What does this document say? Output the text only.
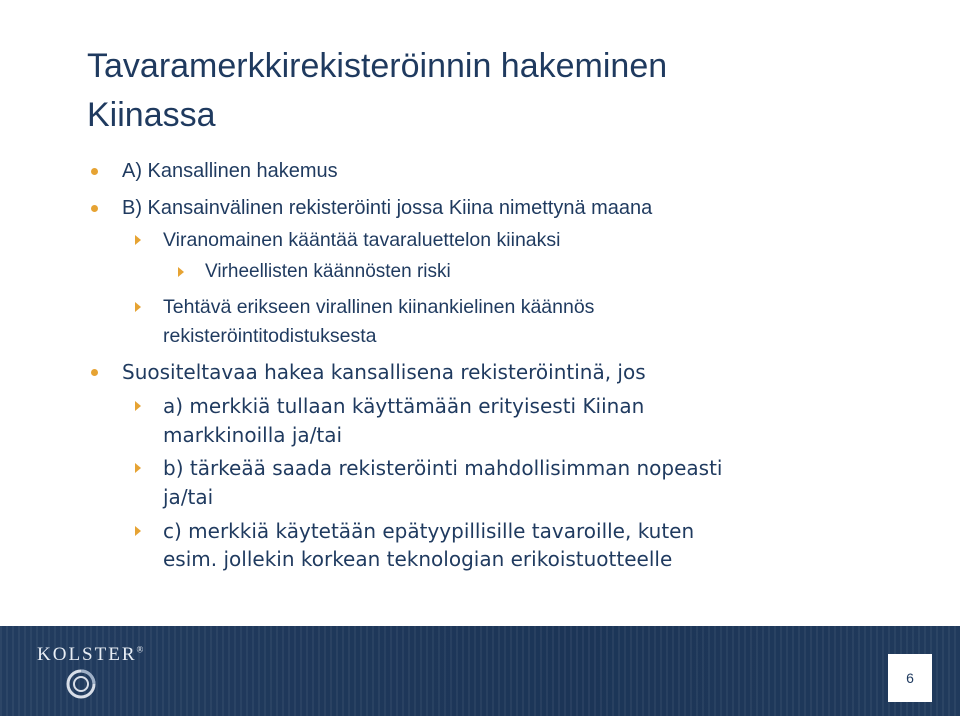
Tavaramerkkirekisteröinnin hakeminen
Kiinassa
A) Kansallinen hakemus
B) Kansainvälinen rekisteröinti jossa Kiina nimettynä maana
Viranomainen kääntää tavaraluettelon kiinaksi
Virheellisten käännösten riski
Tehtävä erikseen virallinen kiinankielinen käännös
rekisteröintitodistuksesta
Suositeltavaa hakea kansallisena rekisteröintinä, jos
a) merkkiä tullaan käyttämään erityisesti Kiinan
markkinoilla ja/tai
b) tärkeää saada rekisteröinti mahdollisimman nopeasti
ja/tai
c) merkkiä käytetään epätyypillisille tavaroille, kuten
esim. jollekin korkean teknologian erikoistuotteelle
KOLSTER®
6
